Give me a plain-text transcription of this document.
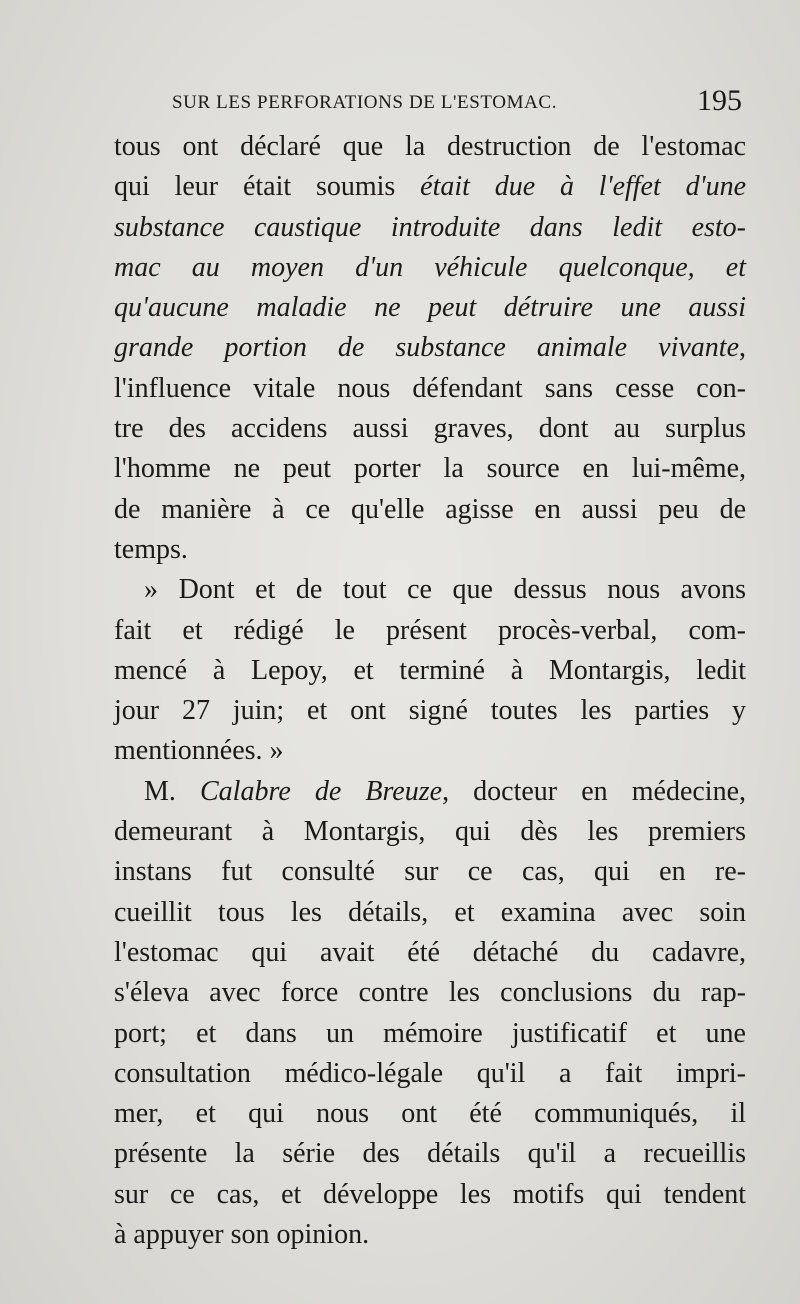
SUR LES PERFORATIONS DE L'ESTOMAC.	195
tous ont déclaré que la destruction de l'estomac
qui leur était soumis était due à l'effet d'une
substance caustique introduite dans ledit esto-
mac au moyen d'un véhicule quelconque, et
qu'aucune maladie ne peut détruire une aussi
grande portion de substance animale vivante,
l'influence vitale nous défendant sans cesse con-
tre des accidens aussi graves, dont au surplus
l'homme ne peut porter la source en lui-même,
de manière à ce qu'elle agisse en aussi peu de
temps.
» Dont et de tout ce que dessus nous avons
fait et rédigé le présent procès-verbal, com-
mencé à Lepoy, et terminé à Montargis, ledit
jour 27 juin; et ont signé toutes les parties y
mentionnées. »
M. Calabre de Breuze, docteur en médecine,
demeurant à Montargis, qui dès les premiers
instans fut consulté sur ce cas, qui en re-
cueillit tous les détails, et examina avec soin
l'estomac qui avait été détaché du cadavre,
s'éleva avec force contre les conclusions du rap-
port; et dans un mémoire justificatif et une
consultation médico-légale qu'il a fait impri-
mer, et qui nous ont été communiqués, il
présente la série des détails qu'il a recueillis
sur ce cas, et développe les motifs qui tendent
à appuyer son opinion.
